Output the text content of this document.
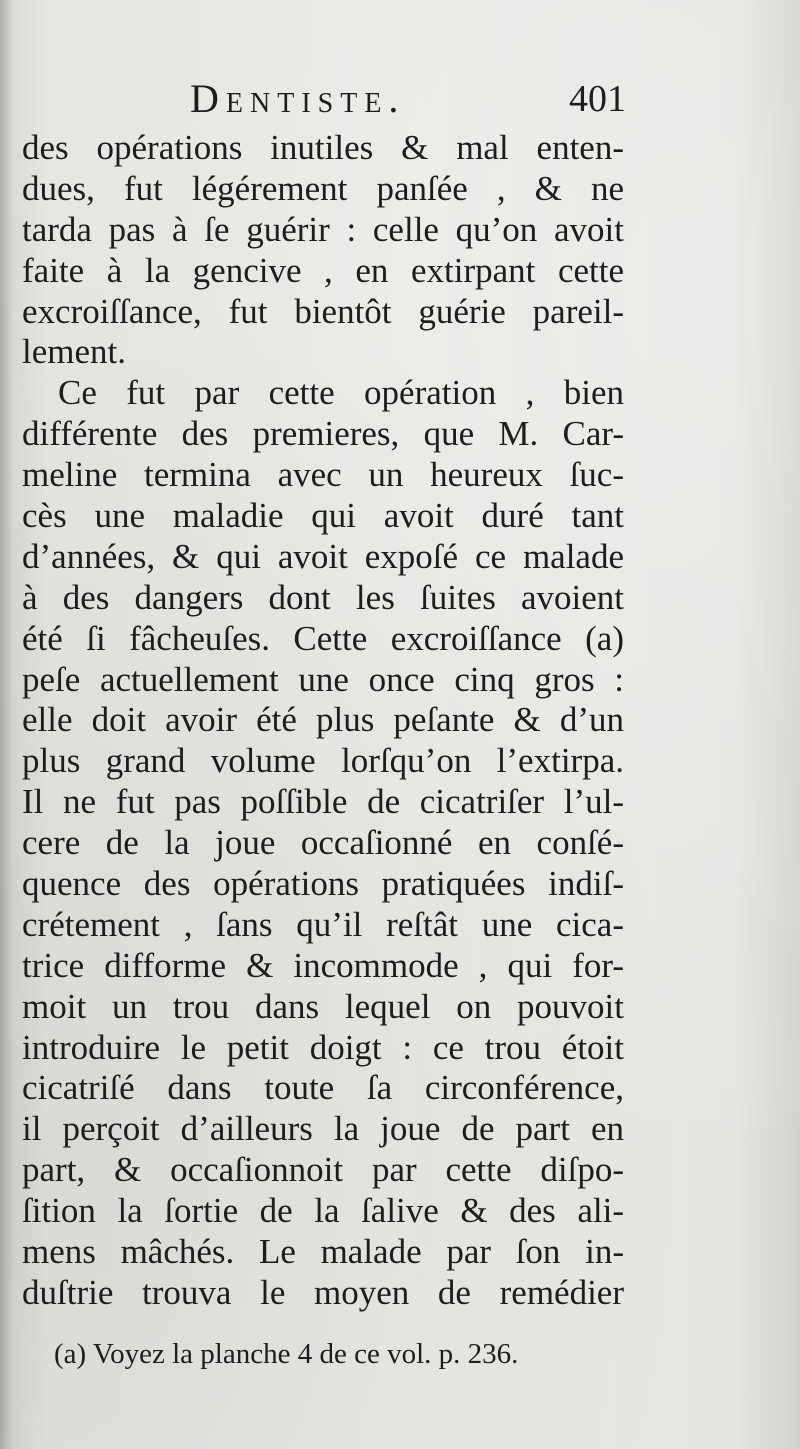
Dentiste.	401
des opérations inutiles & mal enten-
dues, fut légérement panſée , & ne
tarda pas à ſe guérir : celle qu’on avoit
faite à la gencive , en extirpant cette
excroiſſance, fut bientôt guérie pareil-
lement.
Ce fut par cette opération , bien
différente des premieres, que M. Car-
meline termina avec un heureux ſuc-
cès une maladie qui avoit duré tant
d’années, & qui avoit expoſé ce malade
à des dangers dont les ſuites avoient
été ſi fâcheuſes. Cette excroiſſance (a)
peſe actuellement une once cinq gros :
elle doit avoir été plus peſante & d’un
plus grand volume lorſqu’on l’extirpa.
Il ne fut pas poſſible de cicatriſer l’ul-
cere de la joue occaſionné en conſé-
quence des opérations pratiquées indiſ-
crétement , ſans qu’il reſtât une cica-
trice difforme & incommode , qui for-
moit un trou dans lequel on pouvoit
introduire le petit doigt : ce trou étoit
cicatriſé dans toute ſa circonférence,
il perçoit d’ailleurs la joue de part en
part, & occaſionnoit par cette diſpo-
ſition la ſortie de la ſalive & des ali-
mens mâchés. Le malade par ſon in-
duſtrie trouva le moyen de remédier
(a) Voyez la planche 4 de ce vol. p. 236.
